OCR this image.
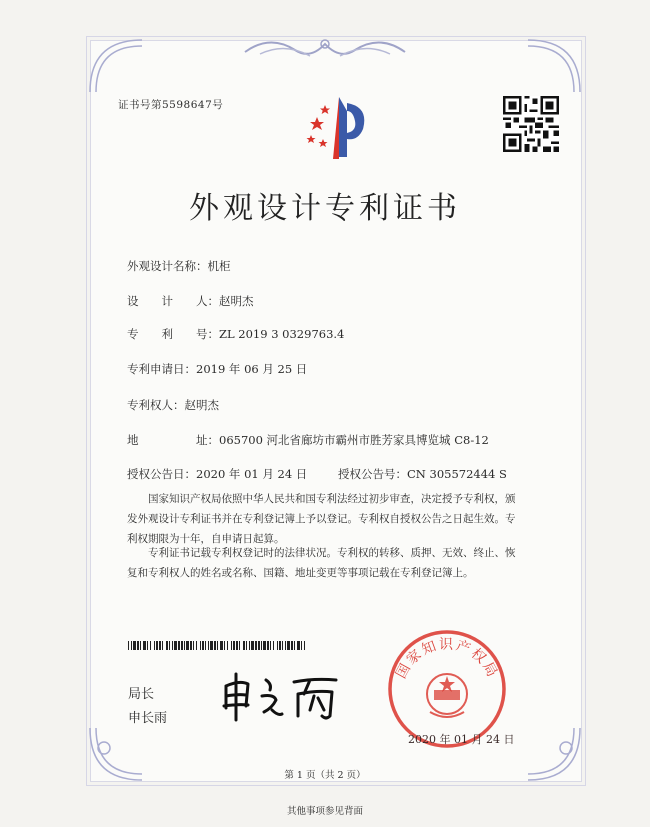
证书号第5598647号
外观设计专利证书
外观设计名称：机柜
设　　计　　人：赵明杰
专　　利　　号：ZL 2019 3 0329763.4
专利申请日：2019 年 06 月 25 日
专利权人：赵明杰
地　　　　　址：065700 河北省廊坊市霸州市胜芳家具博览城 C8-12
授权公告日：2020 年 01 月 24 日	授权公告号：CN 305572444 S
国家知识产权局依照中华人民共和国专利法经过初步审查，决定授予专利权，颁发外观设计专利证书并在专利登记簿上予以登记。专利权自授权公告之日起生效。专利权期限为十年，自申请日起算。
专利证书记载专利权登记时的法律状况。专利权的转移、质押、无效、终止、恢复和专利权人的姓名或名称、国籍、地址变更等事项记载在专利登记簿上。
局长
申长雨
国家知识产权局
2020 年 01 月 24 日
第 1 页（共 2 页）
其他事项参见背面
